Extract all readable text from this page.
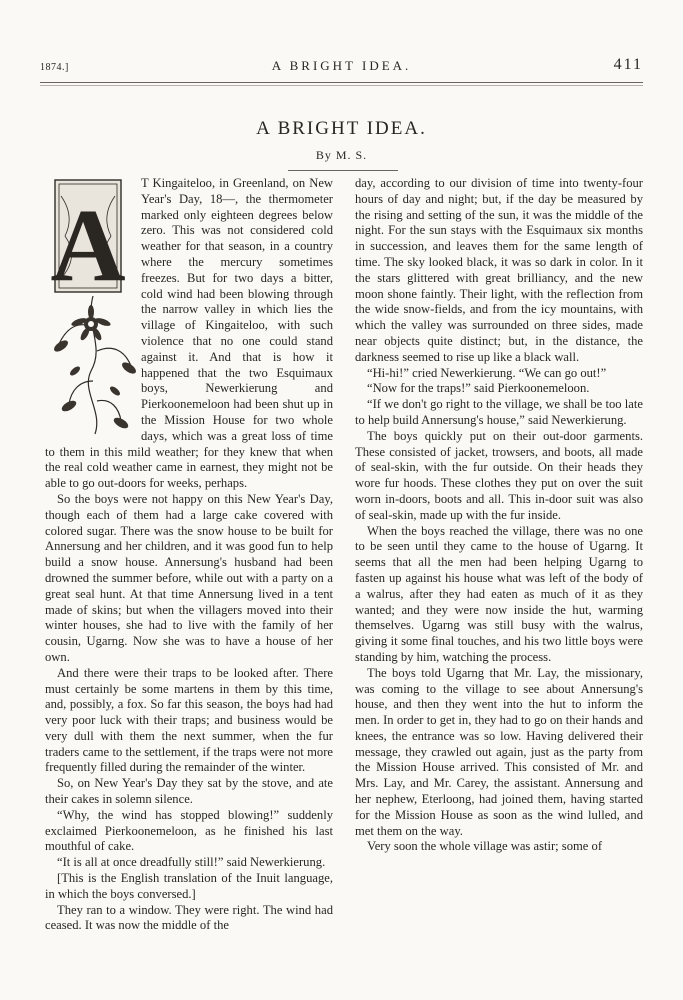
1874.]	A BRIGHT IDEA.	411
A BRIGHT IDEA.
By M. S.
A

T Kingaiteloo, in Greenland, on New Year's Day, 18—, the thermometer marked only eighteen degrees below zero. This was not considered cold weather for that season, in a country where the mercury sometimes freezes. But for two days a bitter, cold wind had been blowing through the narrow valley in which lies the village of Kingaiteloo, with such violence that no one could stand against it. And that is how it happened that the two Esquimaux boys, Newerkierung and Pierkoonemeloon had been shut up in the Mission House for two whole days, which was a great loss of time to them in this mild weather; for they knew that when the real cold weather came in earnest, they might not be able to go out-doors for weeks, perhaps.

So the boys were not happy on this New Year's Day, though each of them had a large cake covered with colored sugar. There was the snow house to be built for Annersung and her children, and it was good fun to help build a snow house. Annersung's husband had been drowned the summer before, while out with a party on a great seal hunt. At that time Annersung lived in a tent made of skins; but when the villagers moved into their winter houses, she had to live with the family of her cousin, Ugarng. Now she was to have a house of her own.

And there were their traps to be looked after. There must certainly be some martens in them by this time, and, possibly, a fox. So far this season, the boys had had very poor luck with their traps; and business would be very dull with them the next summer, when the fur traders came to the settlement, if the traps were not more frequently filled during the remainder of the winter.

So, on New Year's Day they sat by the stove, and ate their cakes in solemn silence.

“Why, the wind has stopped blowing!” suddenly exclaimed Pierkoonemeloon, as he finished his last mouthful of cake.

“It is all at once dreadfully still!” said Newerkierung.

[This is the English translation of the Inuit language, in which the boys conversed.]

They ran to a window. They were right. The wind had ceased. It was now the middle of the

day, according to our division of time into twenty-four hours of day and night; but, if the day be measured by the rising and setting of the sun, it was the middle of the night. For the sun stays with the Esquimaux six months in succession, and leaves them for the same length of time. The sky looked black, it was so dark in color. In it the stars glittered with great brilliancy, and the new moon shone faintly. Their light, with the reflection from the wide snow-fields, and from the icy mountains, with which the valley was surrounded on three sides, made near objects quite distinct; but, in the distance, the darkness seemed to rise up like a black wall.

“Hi-hi!” cried Newerkierung. “We can go out!”

“Now for the traps!” said Pierkoonemeloon.

“If we don't go right to the village, we shall be too late to help build Annersung's house,” said Newerkierung.

The boys quickly put on their out-door garments. These consisted of jacket, trowsers, and boots, all made of seal-skin, with the fur outside. On their heads they wore fur hoods. These clothes they put on over the suit worn in-doors, boots and all. This in-door suit was also of seal-skin, made up with the fur inside.

When the boys reached the village, there was no one to be seen until they came to the house of Ugarng. It seems that all the men had been helping Ugarng to fasten up against his house what was left of the body of a walrus, after they had eaten as much of it as they wanted; and they were now inside the hut, warming themselves. Ugarng was still busy with the walrus, giving it some final touches, and his two little boys were standing by him, watching the process.

The boys told Ugarng that Mr. Lay, the missionary, was coming to the village to see about Annersung's house, and then they went into the hut to inform the men. In order to get in, they had to go on their hands and knees, the entrance was so low. Having delivered their message, they crawled out again, just as the party from the Mission House arrived. This consisted of Mr. and Mrs. Lay, and Mr. Carey, the assistant. Annersung and her nephew, Eterloong, had joined them, having started for the Mission House as soon as the wind lulled, and met them on the way.

Very soon the whole village was astir; some of
